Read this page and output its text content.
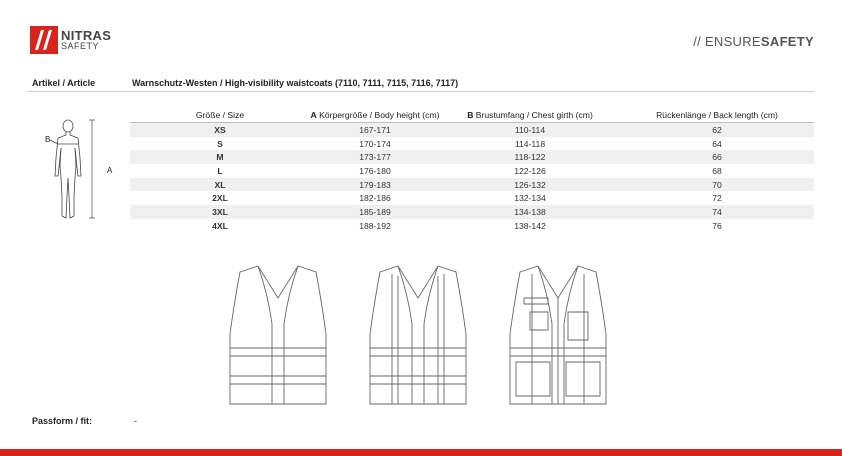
NITRAS
SAFETY	// ENSURESAFETY
Artikel / Article	Warnschutz-Westen / High-visibility waistcoats (7110, 7111, 7115, 7116, 7117)
B
A
Größe / Size	A Körpergröße / Body height (cm)	B Brustumfang / Chest girth (cm)	Rückenlänge / Back length (cm)
XS	167-171	110-114	62
S	170-174	114-118	64
M	173-177	118-122	66
L	176-180	122-126	68
XL	179-183	126-132	70
2XL	182-186	132-134	72
3XL	185-189	134-138	74
4XL	188-192	138-142	76
Passform / fit:	-
